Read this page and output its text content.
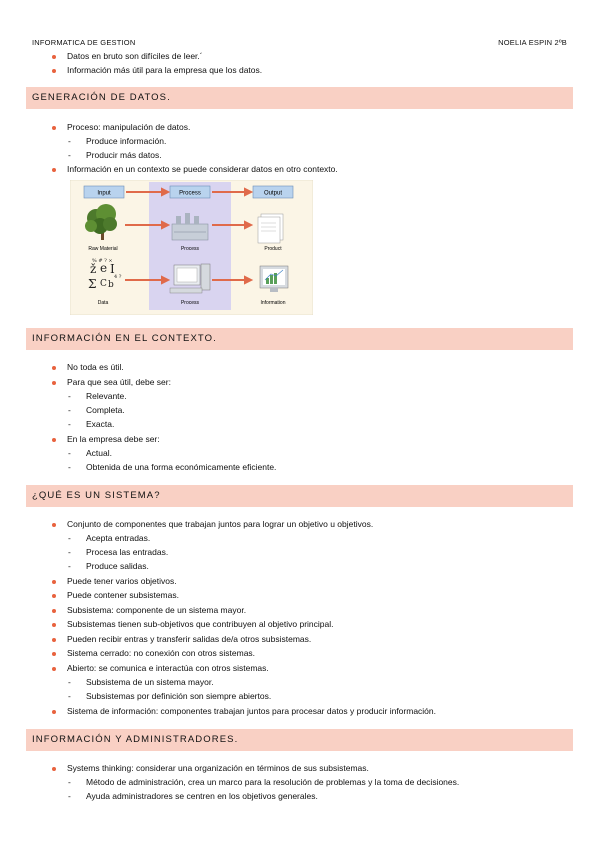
INFORMATICA DE GESTION	NOELIA ESPIN 2ºB
Datos en bruto son difíciles de leer.´
Información más útil para la empresa que los datos.
GENERACIÓN DE DATOS.
Proceso: manipulación de datos.
- Produce información.
- Producir más datos.
Información en un contexto se puede considerar datos en otro contexto.
Input	Process	Output
Raw Material	Process	Product
ž e I
Σ C b
% # ? ×
4 ?
Data	Process	Information
INFORMACIÓN EN EL CONTEXTO.
No toda es útil.
Para que sea útil, debe ser:
- Relevante.
- Completa.
- Exacta.
En la empresa debe ser:
- Actual.
- Obtenida de una forma económicamente eficiente.
¿QUÉ ES UN SISTEMA?
Conjunto de componentes que trabajan juntos para lograr un objetivo u objetivos.
- Acepta entradas.
- Procesa las entradas.
- Produce salidas.
Puede tener varios objetivos.
Puede contener subsistemas.
Subsistema: componente de un sistema mayor.
Subsistemas tienen sub-objetivos que contribuyen al objetivo principal.
Pueden recibir entras y transferir salidas de/a otros subsistemas.
Sistema cerrado: no conexión con otros sistemas.
Abierto: se comunica e interactúa con otros sistemas.
- Subsistema de un sistema mayor.
- Subsistemas por definición son siempre abiertos.
Sistema de información: componentes trabajan juntos para procesar datos y producir información.
INFORMACIÓN Y ADMINISTRADORES.
Systems thinking: considerar una organización en términos de sus subsistemas.
- Método de administración, crea un marco para la resolución de problemas y la toma de decisiones.
- Ayuda administradores se centren en los objetivos generales.
